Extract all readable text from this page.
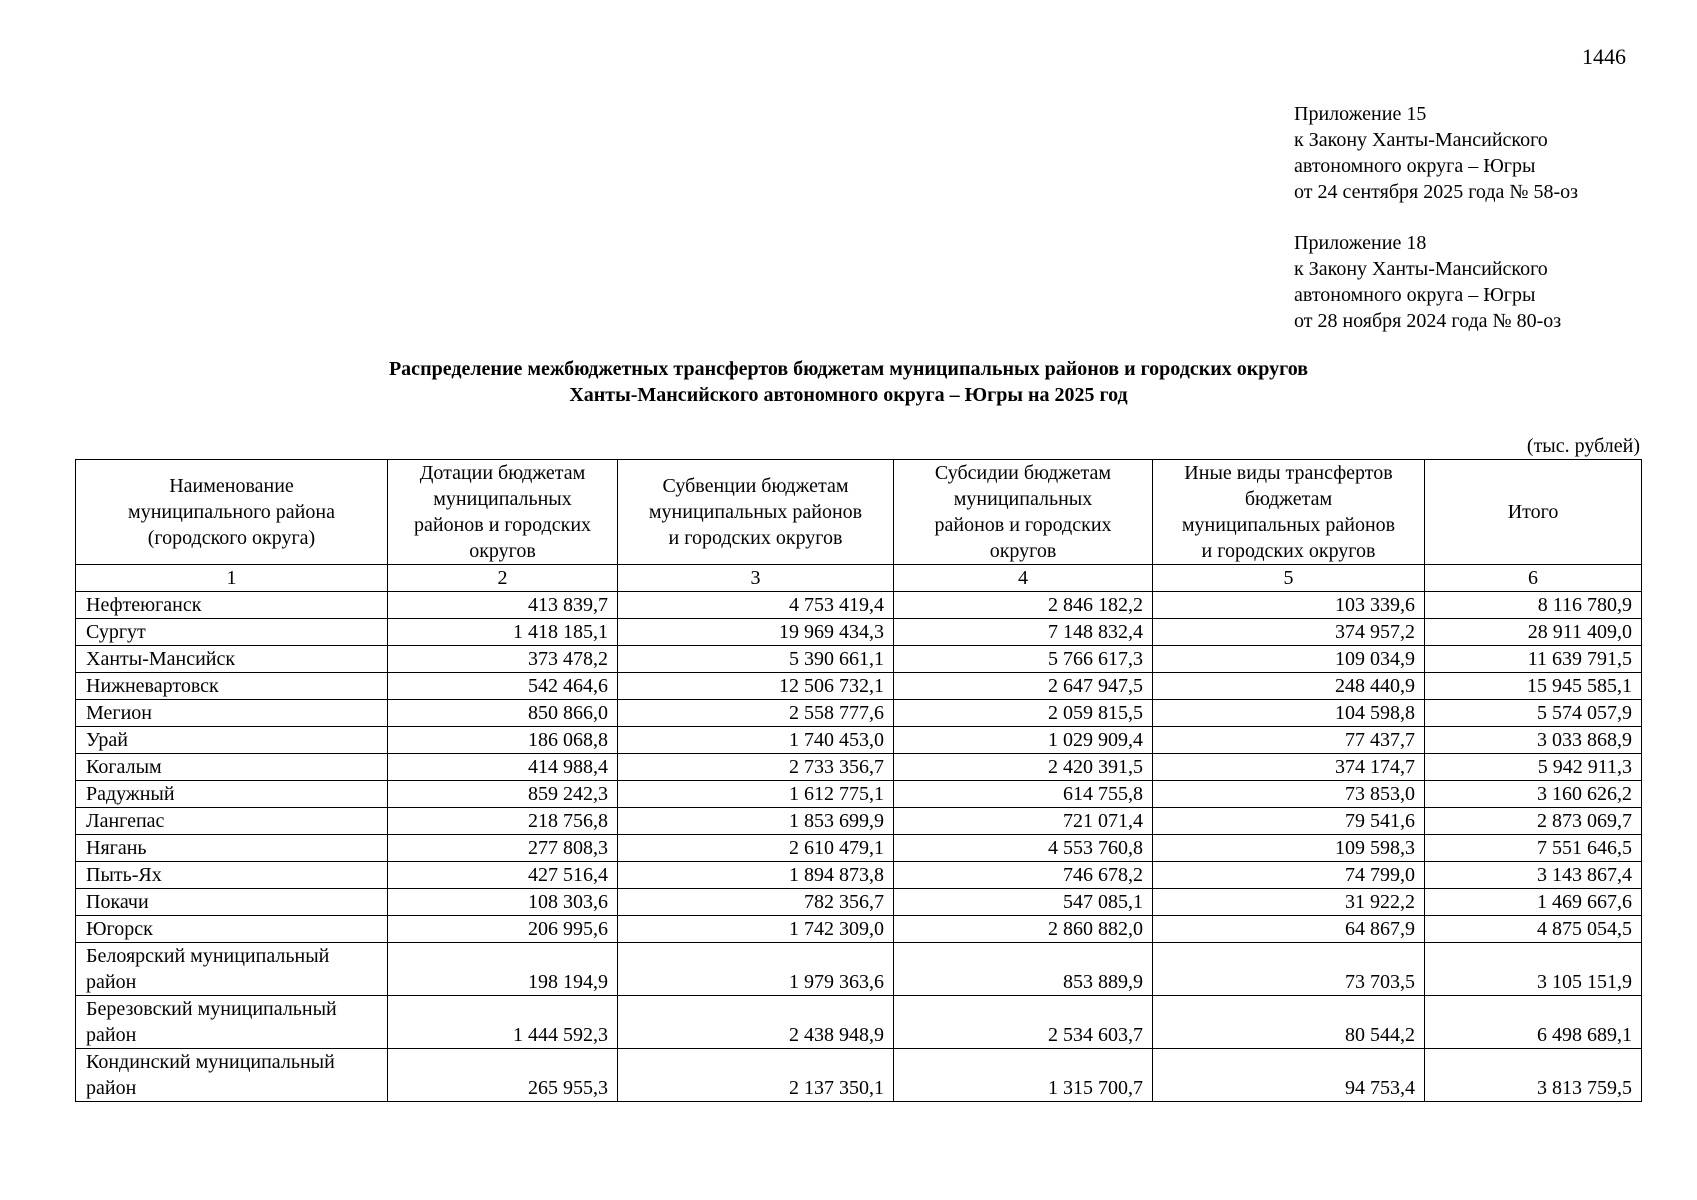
1446
Приложение 15
к Закону Ханты-Мансийского
автономного округа – Югры
от 24 сентября 2025 года № 58-оз
Приложение 18
к Закону Ханты-Мансийского
автономного округа – Югры
от 28 ноября 2024 года № 80-оз
Распределение межбюджетных трансфертов бюджетам муниципальных районов и городских округов
Ханты-Мансийского автономного округа – Югры на 2025 год
(тыс. рублей)
Наименование
муниципального района
(городского округа)	Дотации бюджетам
муниципальных
районов и городских
округов	Субвенции бюджетам
муниципальных районов
и городских округов	Субсидии бюджетам
муниципальных
районов и городских
округов	Иные виды трансфертов
бюджетам
муниципальных районов
и городских округов	Итого
1	2	3	4	5	6
Нефтеюганск	413 839,7	4 753 419,4	2 846 182,2	103 339,6	8 116 780,9
Сургут	1 418 185,1	19 969 434,3	7 148 832,4	374 957,2	28 911 409,0
Ханты-Мансийск	373 478,2	5 390 661,1	5 766 617,3	109 034,9	11 639 791,5
Нижневартовск	542 464,6	12 506 732,1	2 647 947,5	248 440,9	15 945 585,1
Мегион	850 866,0	2 558 777,6	2 059 815,5	104 598,8	5 574 057,9
Урай	186 068,8	1 740 453,0	1 029 909,4	77 437,7	3 033 868,9
Когалым	414 988,4	2 733 356,7	2 420 391,5	374 174,7	5 942 911,3
Радужный	859 242,3	1 612 775,1	614 755,8	73 853,0	3 160 626,2
Лангепас	218 756,8	1 853 699,9	721 071,4	79 541,6	2 873 069,7
Нягань	277 808,3	2 610 479,1	4 553 760,8	109 598,3	7 551 646,5
Пыть-Ях	427 516,4	1 894 873,8	746 678,2	74 799,0	3 143 867,4
Покачи	108 303,6	782 356,7	547 085,1	31 922,2	1 469 667,6
Югорск	206 995,6	1 742 309,0	2 860 882,0	64 867,9	4 875 054,5
Белоярский муниципальный
район	198 194,9	1 979 363,6	853 889,9	73 703,5	3 105 151,9
Березовский муниципальный
район	1 444 592,3	2 438 948,9	2 534 603,7	80 544,2	6 498 689,1
Кондинский муниципальный
район	265 955,3	2 137 350,1	1 315 700,7	94 753,4	3 813 759,5
